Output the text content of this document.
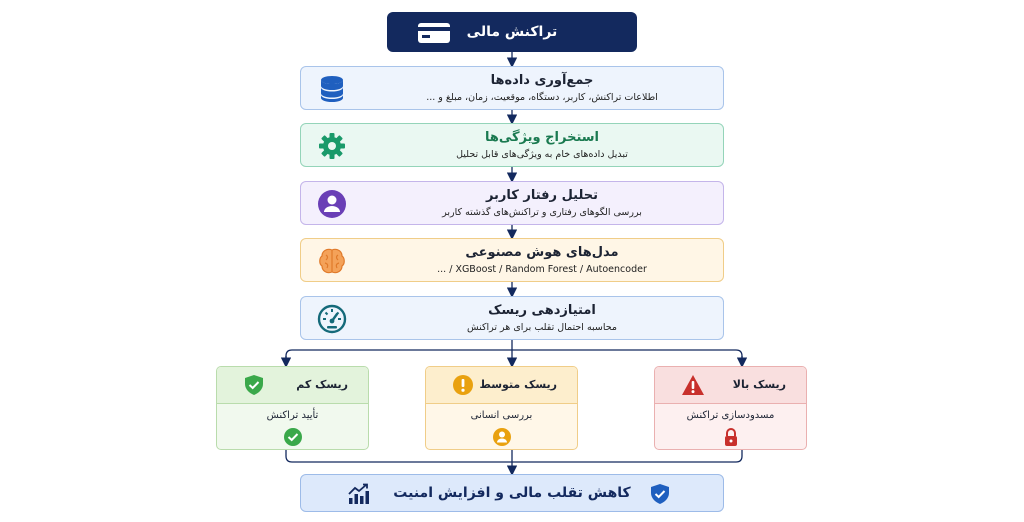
تراکنش مالی
جمع‌آوری داده‌ها
اطلاعات تراکنش، کاربر، دستگاه، موقعیت، زمان، مبلغ و ...
استخراج ویژگی‌ها
تبدیل داده‌های خام به ویژگی‌های قابل تحلیل
تحلیل رفتار کاربر
بررسی الگوهای رفتاری و تراکنش‌های گذشته کاربر
مدل‌های هوش مصنوعی
XGBoost / Random Forest / Autoencoder / ...
امتیازدهی ریسک
محاسبه احتمال تقلب برای هر تراکنش
ریسک کم
تأیید تراکنش
ریسک متوسط
بررسی انسانی
ریسک بالا
مسدودسازی تراکنش
کاهش تقلب مالی و افزایش امنیت
